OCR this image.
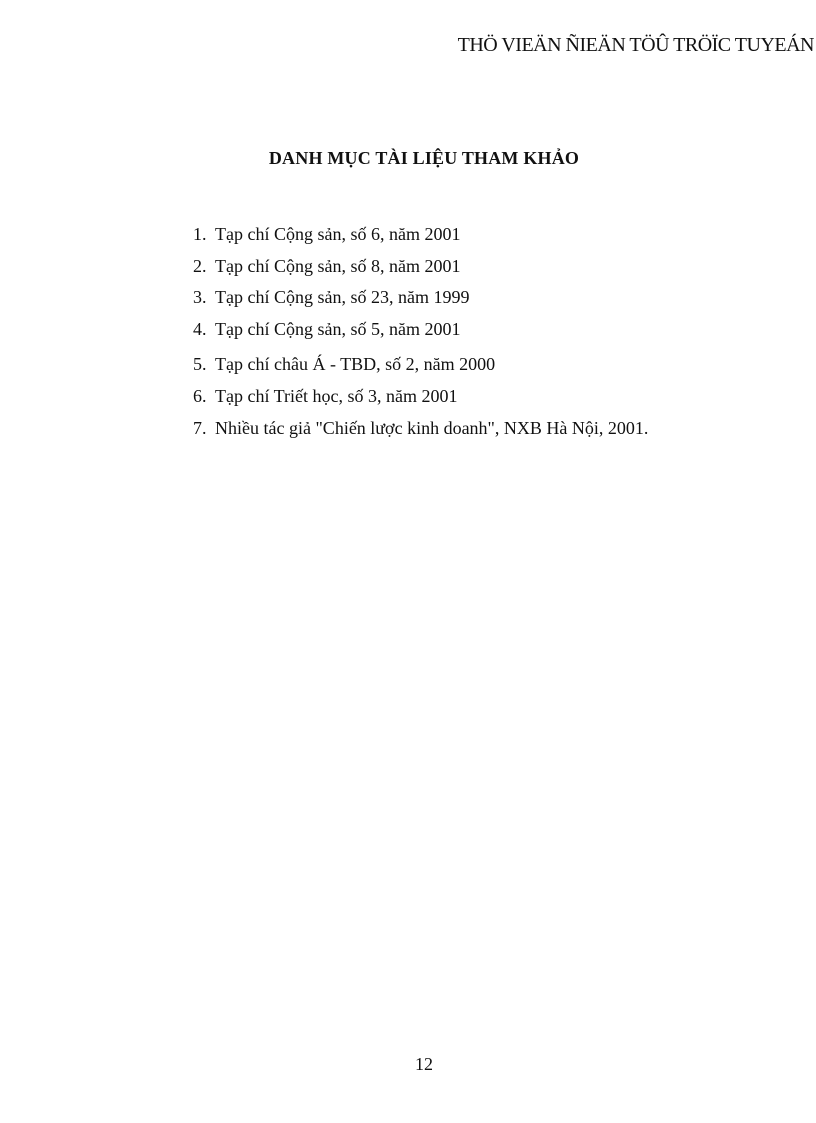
THÖ VIEÄN ÑIEÄN TÖÛ TRÖÏC TUYEÁN
DANH MỤC TÀI LIỆU THAM KHẢO
1. Tạp chí Cộng sản, số 6, năm 2001
2. Tạp chí Cộng sản, số 8, năm 2001
3. Tạp chí Cộng sản, số 23, năm 1999
4. Tạp chí Cộng sản, số 5, năm 2001
5. Tạp chí châu Á - TBD, số 2, năm 2000
6. Tạp chí Triết học, số 3, năm 2001
7. Nhiều tác giả "Chiến lược kinh doanh", NXB Hà Nội, 2001.
12
